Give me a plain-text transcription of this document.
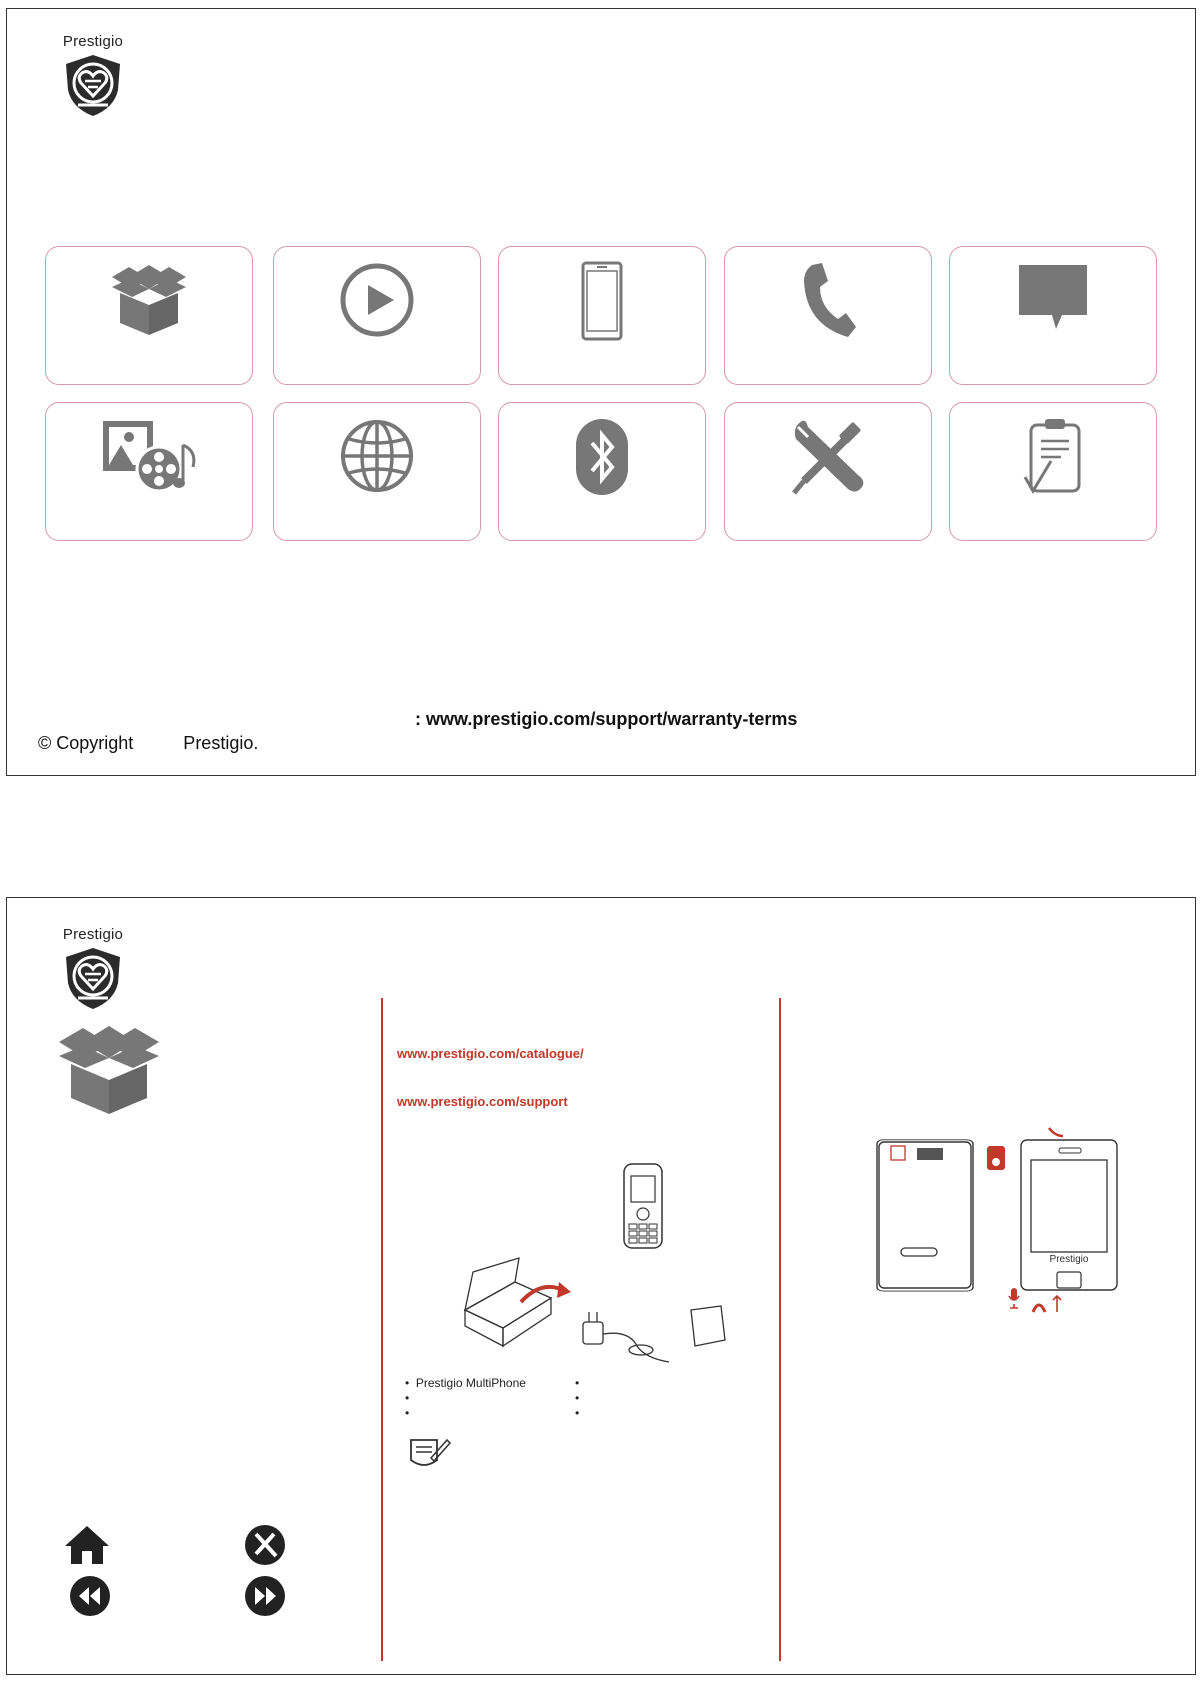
Prestigio
: www.prestigio.com/support/warranty-terms
© Copyright          Prestigio.
Prestigio
www.prestigio.com/catalogue/
www.prestigio.com/support
•  Prestigio MultiPhone
•
•
•
•
•
Prestigio
